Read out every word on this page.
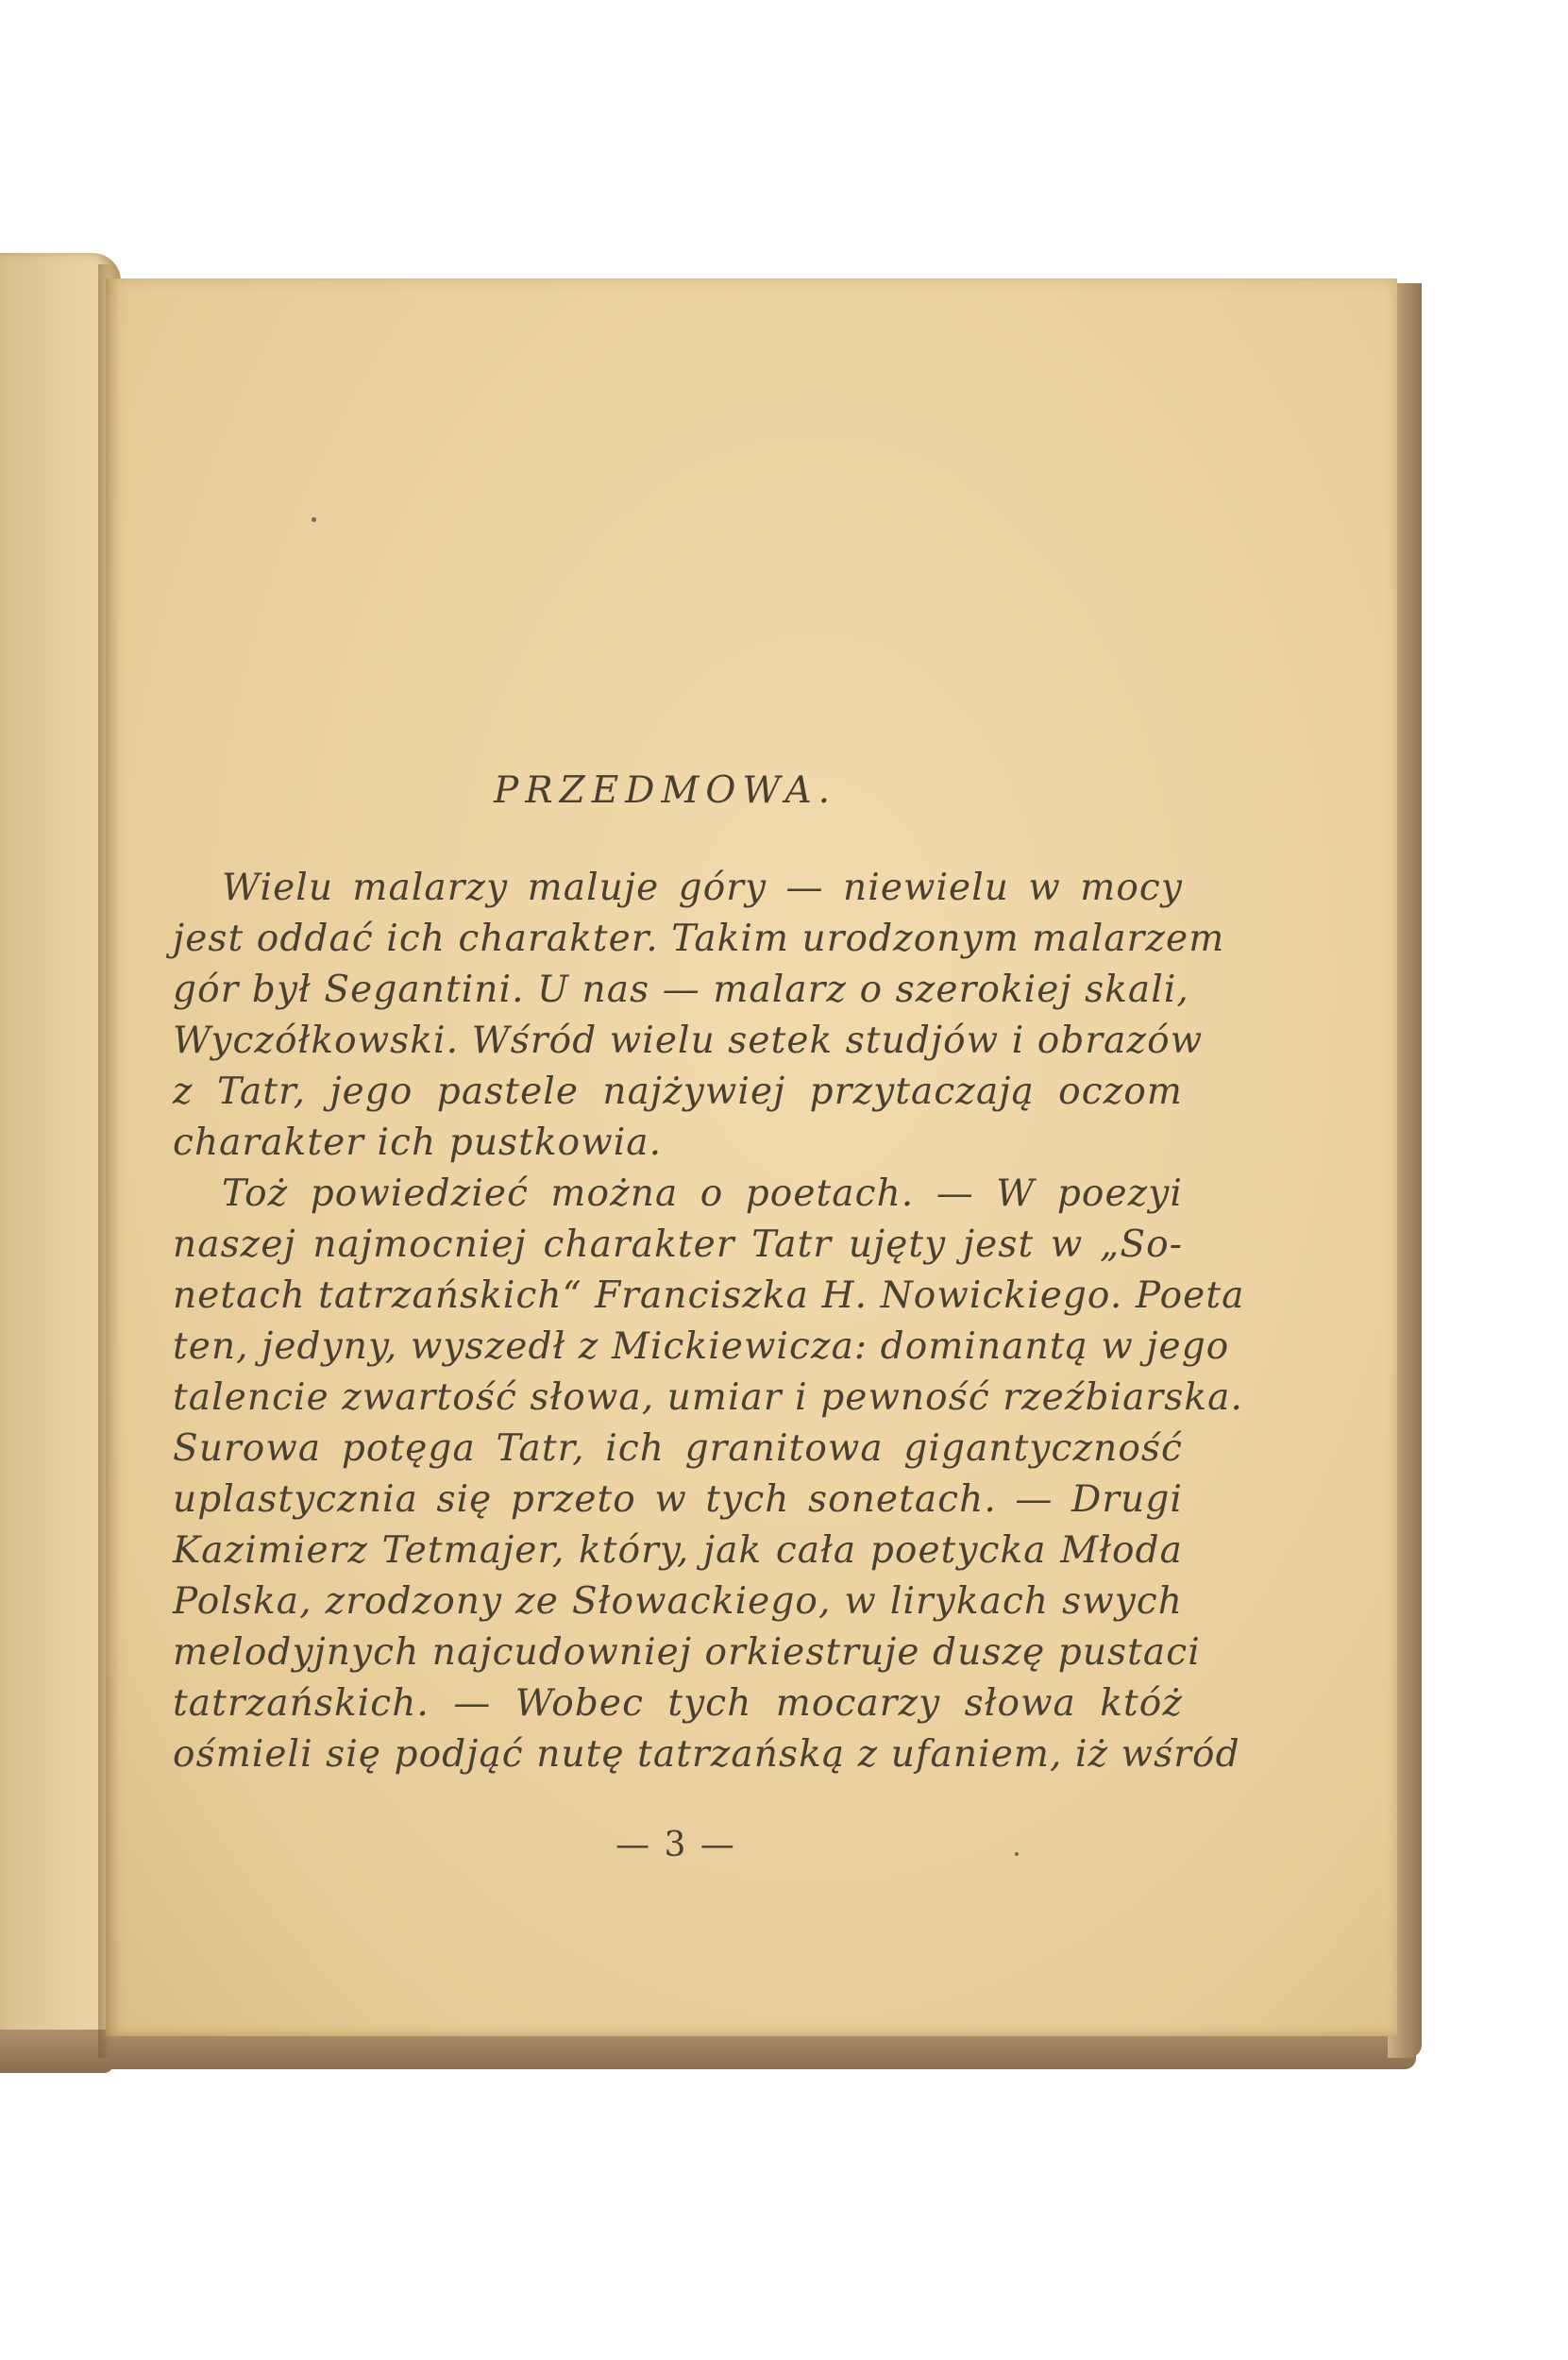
PRZEDMOWA.
Wielu malarzy maluje góry — niewielu w mocy
jest oddać ich charakter. Takim urodzonym malarzem
gór był Segantini. U nas — malarz o szerokiej skali,
Wyczółkowski. Wśród wielu setek studjów i obrazów
z Tatr, jego pastele najżywiej przytaczają oczom
charakter ich pustkowia.
Toż powiedzieć można o poetach. — W poezyi
naszej najmocniej charakter Tatr ujęty jest w „So-
netach tatrzańskich“ Franciszka H. Nowickiego. Poeta
ten, jedyny, wyszedł z Mickiewicza: dominantą w jego
talencie zwartość słowa, umiar i pewność rzeźbiarska.
Surowa potęga Tatr, ich granitowa gigantyczność
uplastycznia się przeto w tych sonetach. — Drugi
Kazimierz Tetmajer, który, jak cała poetycka Młoda
Polska, zrodzony ze Słowackiego, w lirykach swych
melodyjnych najcudowniej orkiestruje duszę pustaci
tatrzańskich. — Wobec tych mocarzy słowa któż
ośmieli się podjąć nutę tatrzańską z ufaniem, iż wśród
— 3 —
